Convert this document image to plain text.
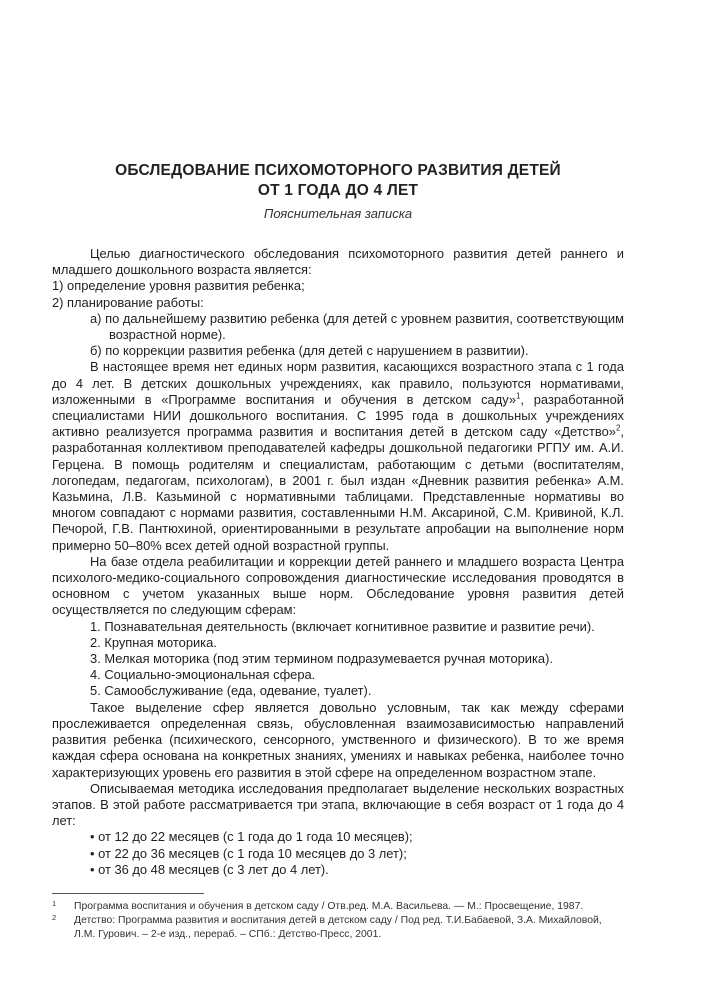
ОБСЛЕДОВАНИЕ ПСИХОМОТОРНОГО РАЗВИТИЯ ДЕТЕЙ
ОТ 1 ГОДА ДО 4 ЛЕТ
Пояснительная записка

Целью диагностического обследования психомоторного развития детей раннего и младшего дошкольного возраста является:

1) определение уровня развития ребенка;

2) планирование работы:

а) по дальнейшему развитию ребенка (для детей с уровнем развития, соответствующим возрастной норме).

б) по коррекции развития ребенка (для детей с нарушением в развитии).

В настоящее время нет единых норм развития, касающихся возрастного этапа с 1 года до 4 лет. В детских дошкольных учреждениях, как правило, пользуются нормативами, изложенными в «Программе воспитания и обучения в детском саду»$^1$, разработанной специалистами НИИ дошкольного воспитания. С 1995 года в дошкольных учреждениях активно реализуется программа развития и воспитания детей в детском саду «Детство»$^2$, разработанная коллективом преподавателей кафедры дошкольной педагогики РГПУ им. А.И. Герцена. В помощь родителям и специалистам, работающим с детьми (воспитателям, логопедам, педагогам, психологам), в 2001 г. был издан «Дневник развития ребенка» А.М. Казьмина, Л.В. Казьминой с нормативными таблицами. Представленные нормативы во многом совпадают с нормами развития, составленными Н.М. Аксариной, С.М. Кривиной, К.Л. Печорой, Г.В. Пантюхиной, ориентированными в результате апробации на выполнение норм примерно 50–80% всех детей одной возрастной группы.

На базе отдела реабилитации и коррекции детей раннего и младшего возраста Центра психолого-медико-социального сопровождения диагностические исследования проводятся в основном с учетом указанных выше норм. Обследование уровня развития детей осуществляется по следующим сферам:

1. Познавательная деятельность (включает когнитивное развитие и развитие речи).

2. Крупная моторика.

3. Мелкая моторика (под этим термином подразумевается ручная моторика).

4. Социально-эмоциональная сфера.

5. Самообслуживание (еда, одевание, туалет).

Такое выделение сфер является довольно условным, так как между сферами прослеживается определенная связь, обусловленная взаимозависимостью направлений развития ребенка (психического, сенсорного, умственного и физического). В то же время каждая сфера основана на конкретных знаниях, умениях и навыках ребенка, наиболее точно характеризующих уровень его развития в этой сфере на определенном возрастном этапе.

Описываемая методика исследования предполагает выделение нескольких возрастных этапов. В этой работе рассматривается три этапа, включающие в себя возраст от 1 года до 4 лет:

• от 12 до 22 месяцев (с 1 года до 1 года 10 месяцев);

• от 22 до 36 месяцев (с 1 года 10 месяцев до 3 лет);

• от 36 до 48 месяцев (с 3 лет до 4 лет).

1	Программа воспитания и обучения в детском саду / Отв.ред. М.А. Васильева. — М.: Просвещение, 1987.
2	Детство: Программа развития и воспитания детей в детском саду / Под ред. Т.И.Бабаевой, З.А. Михайловой, Л.М. Гурович. – 2-е изд., перераб. – СПб.: Детство-Пресс, 2001.
